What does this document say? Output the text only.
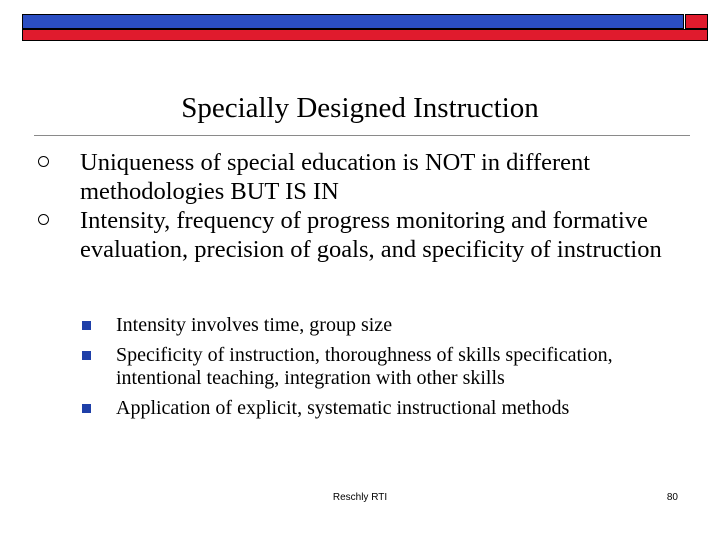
Specially Designed Instruction
Uniqueness of special education is NOT in different methodologies BUT IS IN
Intensity, frequency of progress monitoring and formative evaluation, precision of goals, and specificity of instruction
Intensity involves time, group size
Specificity of instruction, thoroughness of skills specification, intentional teaching, integration with other skills
Application of explicit, systematic instructional methods
Reschly RTI	80
